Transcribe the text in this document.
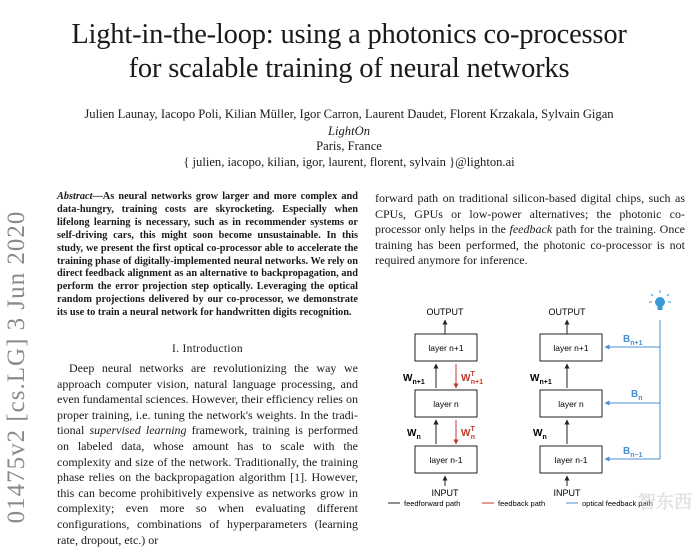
Light-in-the-loop: using a photonics co-processor
for scalable training of neural networks
Julien Launay, Iacopo Poli, Kilian Müller, Igor Carron, Laurent Daudet, Florent Krzakala, Sylvain Gigan
LightOn
Paris, France
{ julien, iacopo, kilian, igor, laurent, florent, sylvain }@lighton.ai
01475v2 [cs.LG] 3 Jun 2020
Abstract—As neural networks grow larger and more complex and data-hungry, training costs are skyrocketing. Especially when lifelong learning is necessary, such as in recommender systems or self-driving cars, this might soon become unsustainable. In this study, we present the first optical co-processor able to accelerate the training phase of digitally-implemented neural networks. We rely on direct feedback alignment as an alternative to backpropagation, and perform the error projection step optically. Leveraging the optical random projections delivered by our co-processor, we demonstrate its use to train a neural network for handwritten digits recognition.
I. Introduction
Deep neural networks are revolutionizing the way we approach computer vision, natural language processing, and even fundamental sciences. However, their efficiency relies on proper training, i.e. tuning the network's weights. In the tradi-tional supervised learning framework, training is performed on labeled data, whose amount has to scale with the complexity and size of the network. Traditionally, the training phase relies on the backpropagation algorithm [1]. However, this can become prohibitively expensive as networks grow in complexity; even more so when evaluating different configurations, combinations of hyperparameters (learning rate, dropout, etc.) or
forward path on traditional silicon-based digital chips, such as CPUs, GPUs or low-power alternatives; the photonic co-processor only helps in the feedback path for the training. Once training has been performed, the photonic co-processor is not required anymore for inference.
OUTPUT
layer n+1
$W_{n+1}$	$W^T$ n+1
layer n
$W_n$	$W^T$ n
layer n-1
INPUT
OUTPUT
layer n+1
$W_{n+1}$
layer n
$W_n$
layer n-1
INPUT
$B_{n+1}$
$B_n$
$B_{n-1}$
feedforward path	feedback path	optical feedback path
智东西
